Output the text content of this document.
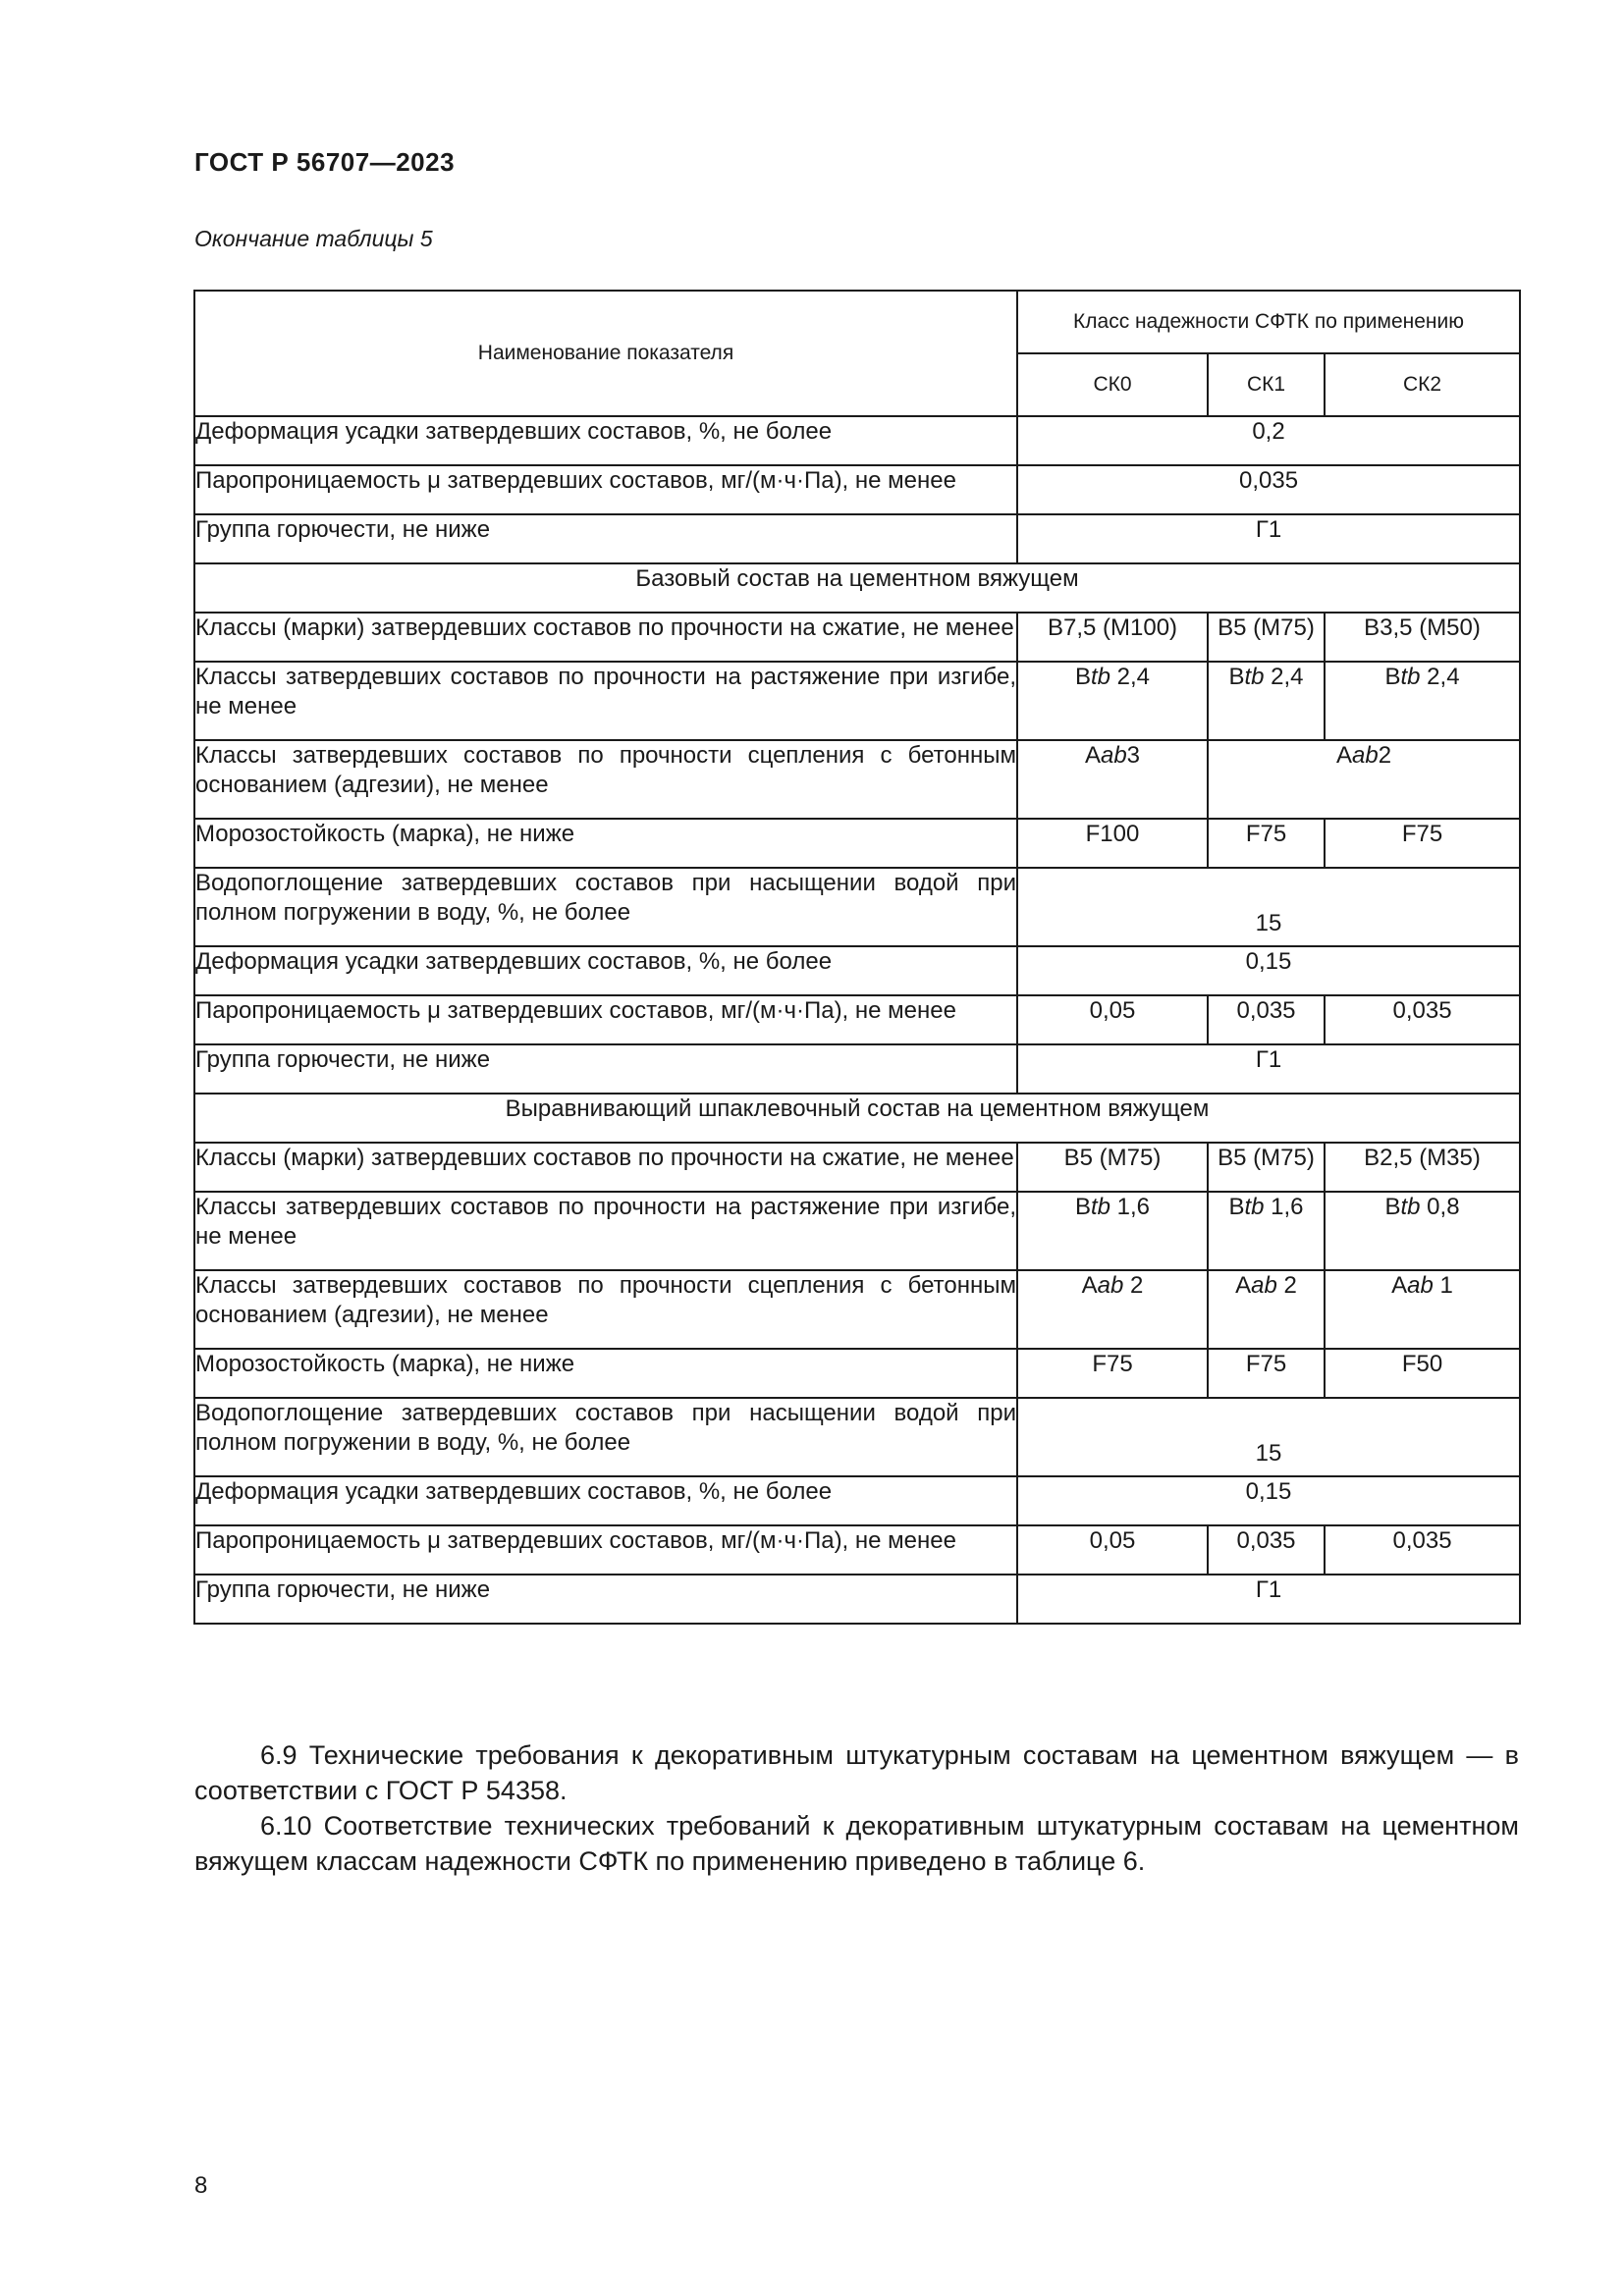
ГОСТ Р 56707—2023
Окончание таблицы 5
Наименование показателя	Класс надежности СФТК по применению		
	СК0	СК1	СК2
Деформация усадки затвердевших составов, %, не более	0,2		
Паропроницаемость μ затвердевших составов, мг/(м·ч·Па), не менее	0,035		
Группа горючести, не ниже	Г1		
Базовый состав на цементном вяжущем			
Классы (марки) затвердевших составов по прочности на сжатие, не менее	В7,5 (М100)	В5 (М75)	В3,5 (М50)
Классы затвердевших составов по прочности на растяжение при изгибе, не менее	Вtb 2,4	Вtb 2,4	Вtb 2,4
Классы затвердевших составов по прочности сцепления с бетонным основанием (адгезии), не менее	Аab3	Аab2	
Морозостойкость (марка), не ниже	F100	F75	F75
Водопоглощение затвердевших составов при насыщении водой при полном погружении в воду, %, не более	15		
Деформация усадки затвердевших составов, %, не более	0,15		
Паропроницаемость μ затвердевших составов, мг/(м·ч·Па), не менее	0,05	0,035	0,035
Группа горючести, не ниже	Г1		
Выравнивающий шпаклевочный состав на цементном вяжущем			
Классы (марки) затвердевших составов по прочности на сжатие, не менее	В5 (М75)	В5 (М75)	В2,5 (М35)
Классы затвердевших составов по прочности на растяжение при изгибе, не менее	Вtb 1,6	Вtb 1,6	Вtb 0,8
Классы затвердевших составов по прочности сцепления с бетонным основанием (адгезии), не менее	Аab 2	Аab 2	Аab 1
Морозостойкость (марка), не ниже	F75	F75	F50
Водопоглощение затвердевших составов при насыщении водой при полном погружении в воду, %, не более	15		
Деформация усадки затвердевших составов, %, не более	0,15		
Паропроницаемость μ затвердевших составов, мг/(м·ч·Па), не менее	0,05	0,035	0,035
Группа горючести, не ниже	Г1		
6.9 Технические требования к декоративным штукатурным составам на цементном вяжущем — в соответствии с ГОСТ Р 54358.
6.10 Соответствие технических требований к декоративным штукатурным составам на цементном вяжущем классам надежности СФТК по применению приведено в таблице 6.
8
